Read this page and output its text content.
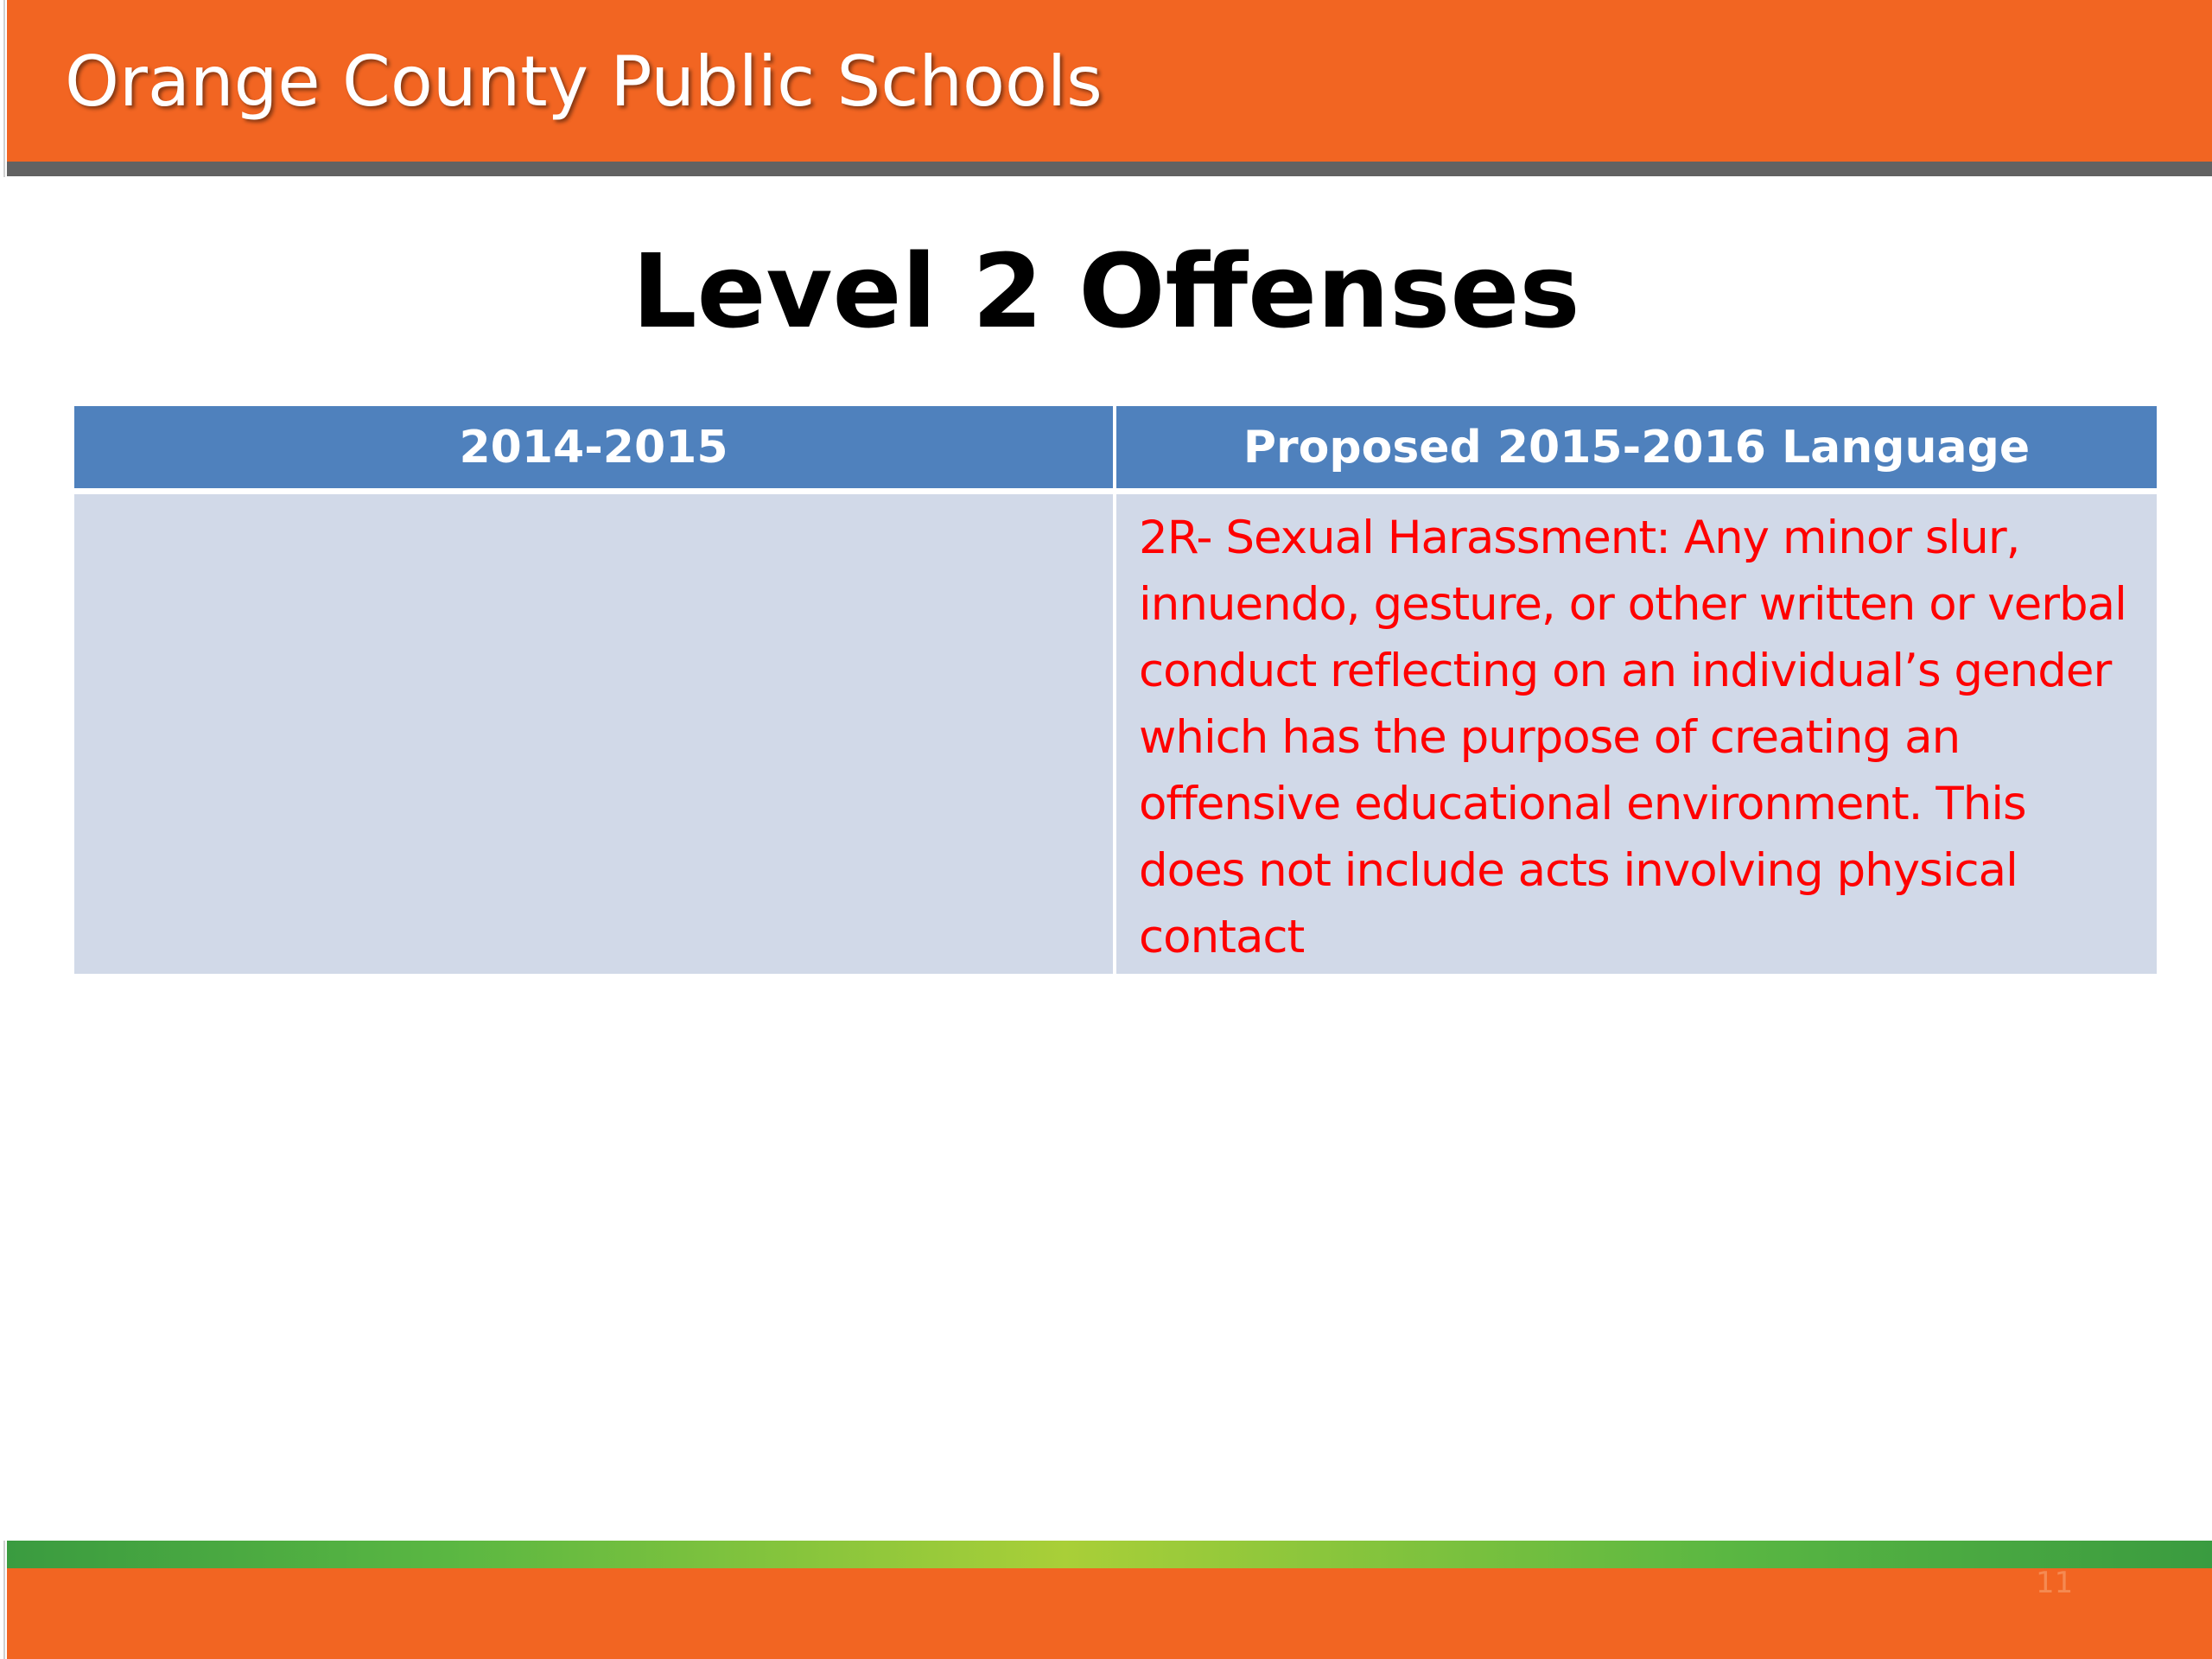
Orange County Public Schools
Level 2 Offenses
2014-2015	Proposed 2015-2016 Language

	2R- Sexual Harassment: Any minor slur, innuendo, gesture, or other written or verbal conduct reflecting on an individual’s gender which has the purpose of creating an offensive educational environment. This does not include acts involving physical contact
11
